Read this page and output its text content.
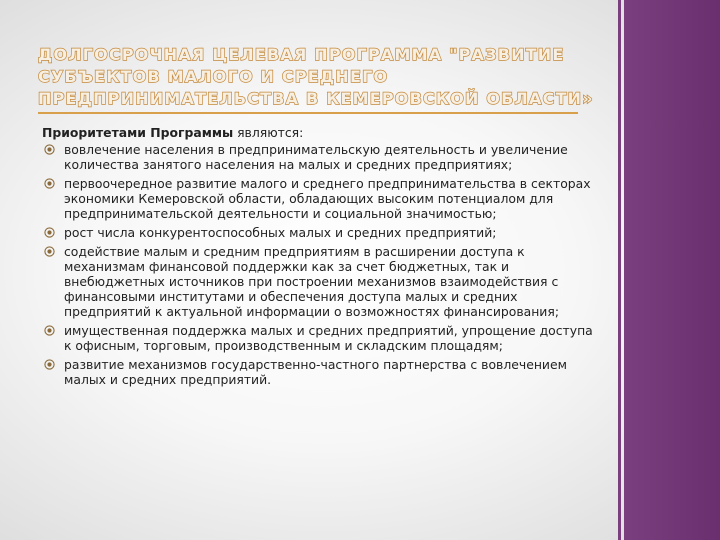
ДОЛГОСРОЧНАЯ ЦЕЛЕВАЯ ПРОГРАММА "РАЗВИТИЕ
СУБЪЕКТОВ МАЛОГО И СРЕДНЕГО
ПРЕДПРИНИМАТЕЛЬСТВА В КЕМЕРОВСКОЙ ОБЛАСТИ»

Приоритетами Программы являются:

вовлечение населения в предпринимательскую деятельность и увеличение количества занятого населения на малых и средних предприятиях;
первоочередное развитие малого и среднего предпринимательства в секторах экономики Кемеровской области, обладающих высоким потенциалом для предпринимательской деятельности и социальной значимостью;
рост числа конкурентоспособных малых и средних предприятий;
содействие малым и средним предприятиям в расширении доступа к механизмам финансовой поддержки как за счет бюджетных, так и внебюджетных источников при построении механизмов взаимодействия с финансовыми институтами и обеспечения доступа малых и средних предприятий к актуальной информации о возможностях финансирования;
имущественная поддержка малых и средних предприятий, упрощение доступа к офисным, торговым, производственным и складским площадям;
развитие механизмов государственно-частного партнерства с вовлечением малых и средних предприятий.
